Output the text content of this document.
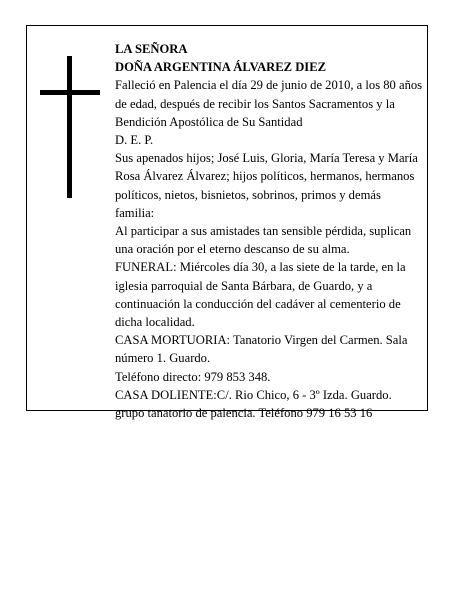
LA SEÑORA

DOÑA ARGENTINA ÁLVAREZ DIEZ

Falleció en Palencia el día 29 de junio de 2010, a los 80 años de edad, después de recibir los Santos Sacramentos y la Bendición Apostólica de Su Santidad

D. E. P.

Sus apenados hijos; José Luis, Gloria, María Teresa y María Rosa Álvarez Álvarez; hijos políticos, hermanos, hermanos políticos, nietos, bisnietos, sobrinos, primos y demás familia:

Al participar a sus amistades tan sensible pérdida, suplican una oración por el eterno descanso de su alma.

FUNERAL: Miércoles día 30, a las siete de la tarde, en la iglesia parroquial de Santa Bárbara, de Guardo, y a continuación la conducción del cadáver al cementerio de dicha localidad.

CASA MORTUORIA: Tanatorio Virgen del Carmen. Sala número 1. Guardo.

Teléfono directo: 979 853 348.

CASA DOLIENTE:C/. Rio Chico, 6 - 3º Izda. Guardo.

grupo tanatorio de palencia. Teléfono 979 16 53 16
